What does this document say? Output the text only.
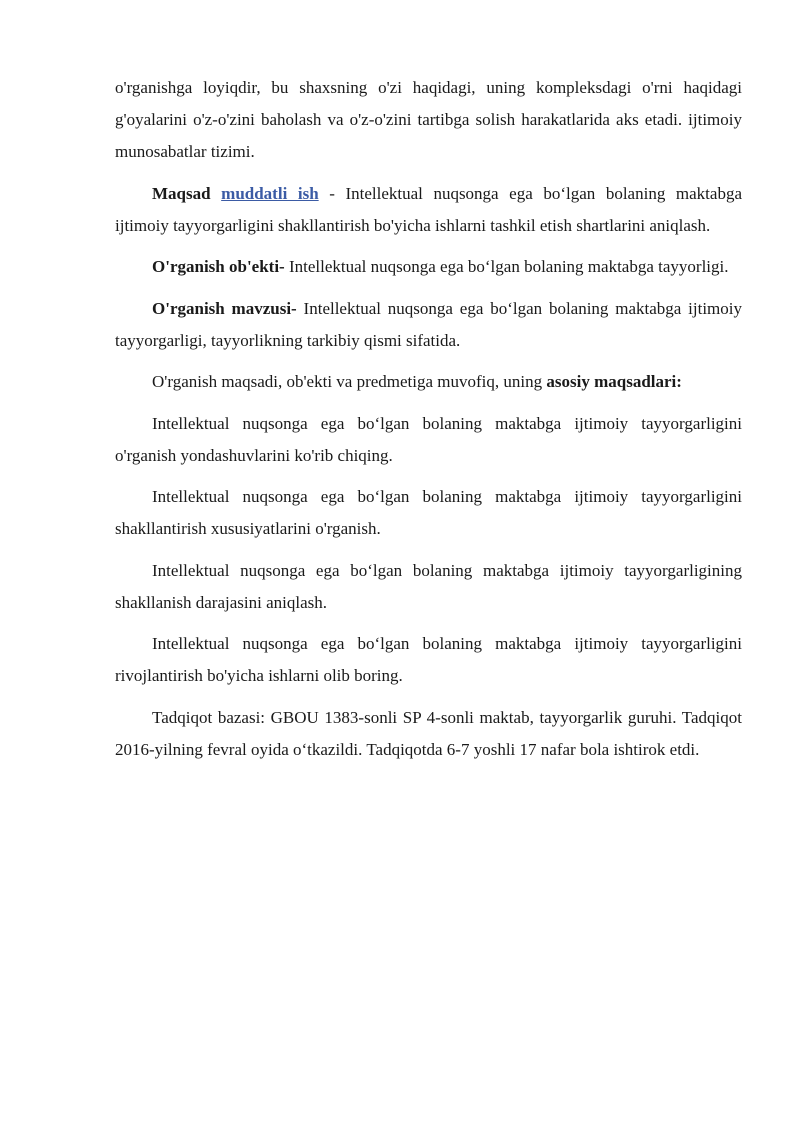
o'rganishga loyiqdir, bu shaxsning o'zi haqidagi, uning kompleksdagi o'rni haqidagi g'oyalarini o'z-o'zini baholash va o'z-o'zini tartibga solish harakatlarida aks etadi. ijtimoiy munosabatlar tizimi.

Maqsad muddatli ish - Intellektual nuqsonga ega bo‘lgan bolaning maktabga ijtimoiy tayyorgarligini shakllantirish bo'yicha ishlarni tashkil etish shartlarini aniqlash.

O'rganish ob'ekti- Intellektual nuqsonga ega bo‘lgan bolaning maktabga tayyorligi.

O'rganish mavzusi- Intellektual nuqsonga ega bo‘lgan bolaning maktabga ijtimoiy tayyorgarligi, tayyorlikning tarkibiy qismi sifatida.

O'rganish maqsadi, ob'ekti va predmetiga muvofiq, uning asosiy maqsadlari:

Intellektual nuqsonga ega bo‘lgan bolaning maktabga ijtimoiy tayyorgarligini o'rganish yondashuvlarini ko'rib chiqing.

Intellektual nuqsonga ega bo‘lgan bolaning maktabga ijtimoiy tayyorgarligini shakllantirish xususiyatlarini o'rganish.

Intellektual nuqsonga ega bo‘lgan bolaning maktabga ijtimoiy tayyorgarligining shakllanish darajasini aniqlash.

Intellektual nuqsonga ega bo‘lgan bolaning maktabga ijtimoiy tayyorgarligini rivojlantirish bo'yicha ishlarni olib boring.

Tadqiqot bazasi: GBOU 1383-sonli SP 4-sonli maktab, tayyorgarlik guruhi. Tadqiqot 2016-yilning fevral oyida o‘tkazildi. Tadqiqotda 6-7 yoshli 17 nafar bola ishtirok etdi.
